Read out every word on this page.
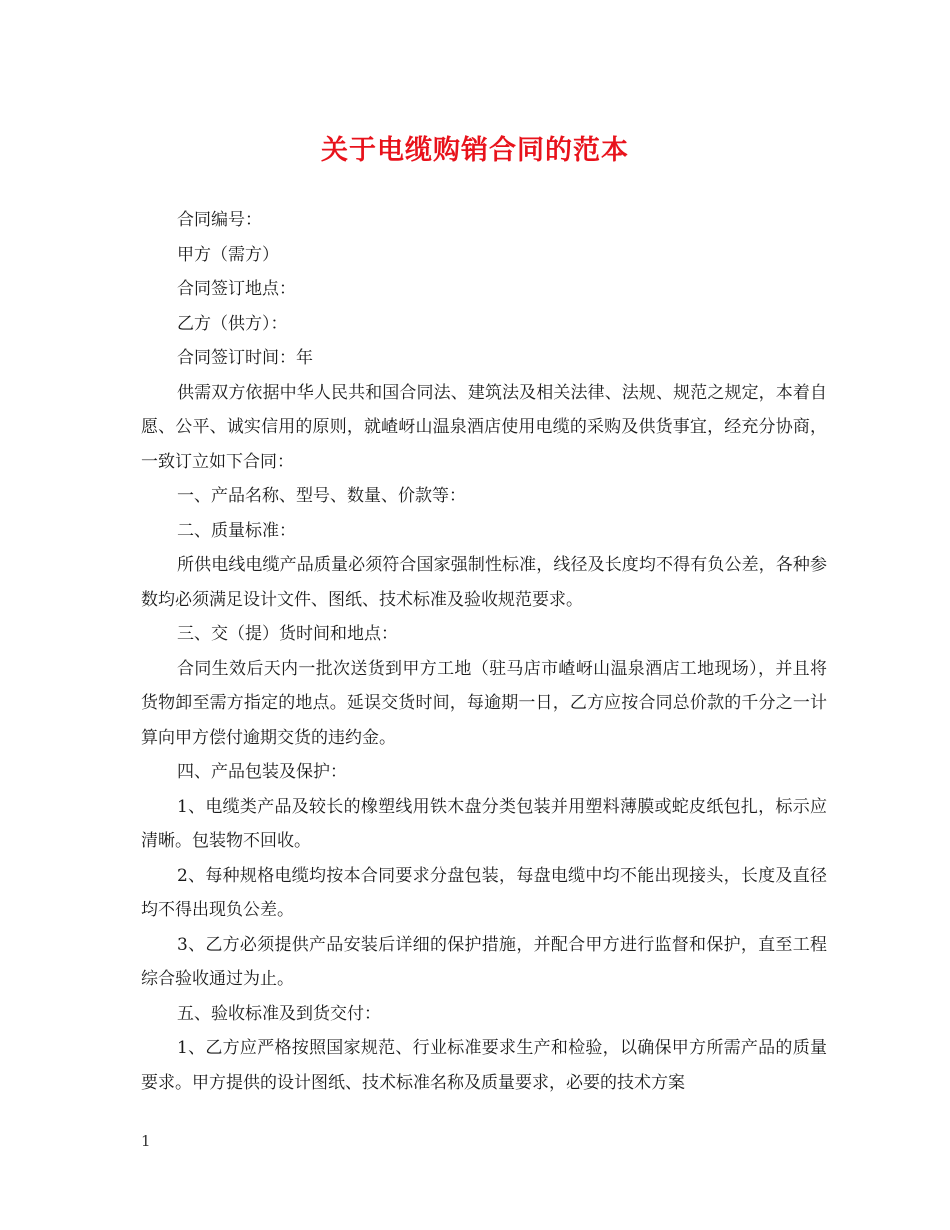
关于电缆购销合同的范本

合同编号：

甲方（需方）

合同签订地点：

乙方（供方）：

合同签订时间：年

供需双方依据中华人民共和国合同法、建筑法及相关法律、法规、规范之规定，本着自愿、公平、诚实信用的原则，就嵖岈山温泉酒店使用电缆的采购及供货事宜，经充分协商，一致订立如下合同：

一、产品名称、型号、数量、价款等：

二、质量标准：

所供电线电缆产品质量必须符合国家强制性标准，线径及长度均不得有负公差，各种参数均必须满足设计文件、图纸、技术标准及验收规范要求。

三、交（提）货时间和地点：

合同生效后天内一批次送货到甲方工地（驻马店市嵖岈山温泉酒店工地现场），并且将货物卸至需方指定的地点。延误交货时间，每逾期一日，乙方应按合同总价款的千分之一计算向甲方偿付逾期交货的违约金。

四、产品包装及保护：

1、电缆类产品及较长的橡塑线用铁木盘分类包装并用塑料薄膜或蛇皮纸包扎，标示应清晰。包装物不回收。

2、每种规格电缆均按本合同要求分盘包装，每盘电缆中均不能出现接头，长度及直径均不得出现负公差。

3、乙方必须提供产品安装后详细的保护措施，并配合甲方进行监督和保护，直至工程综合验收通过为止。

五、验收标准及到货交付：

1、乙方应严格按照国家规范、行业标准要求生产和检验，以确保甲方所需产品的质量要求。甲方提供的设计图纸、技术标准名称及质量要求，必要的技术方案

1
